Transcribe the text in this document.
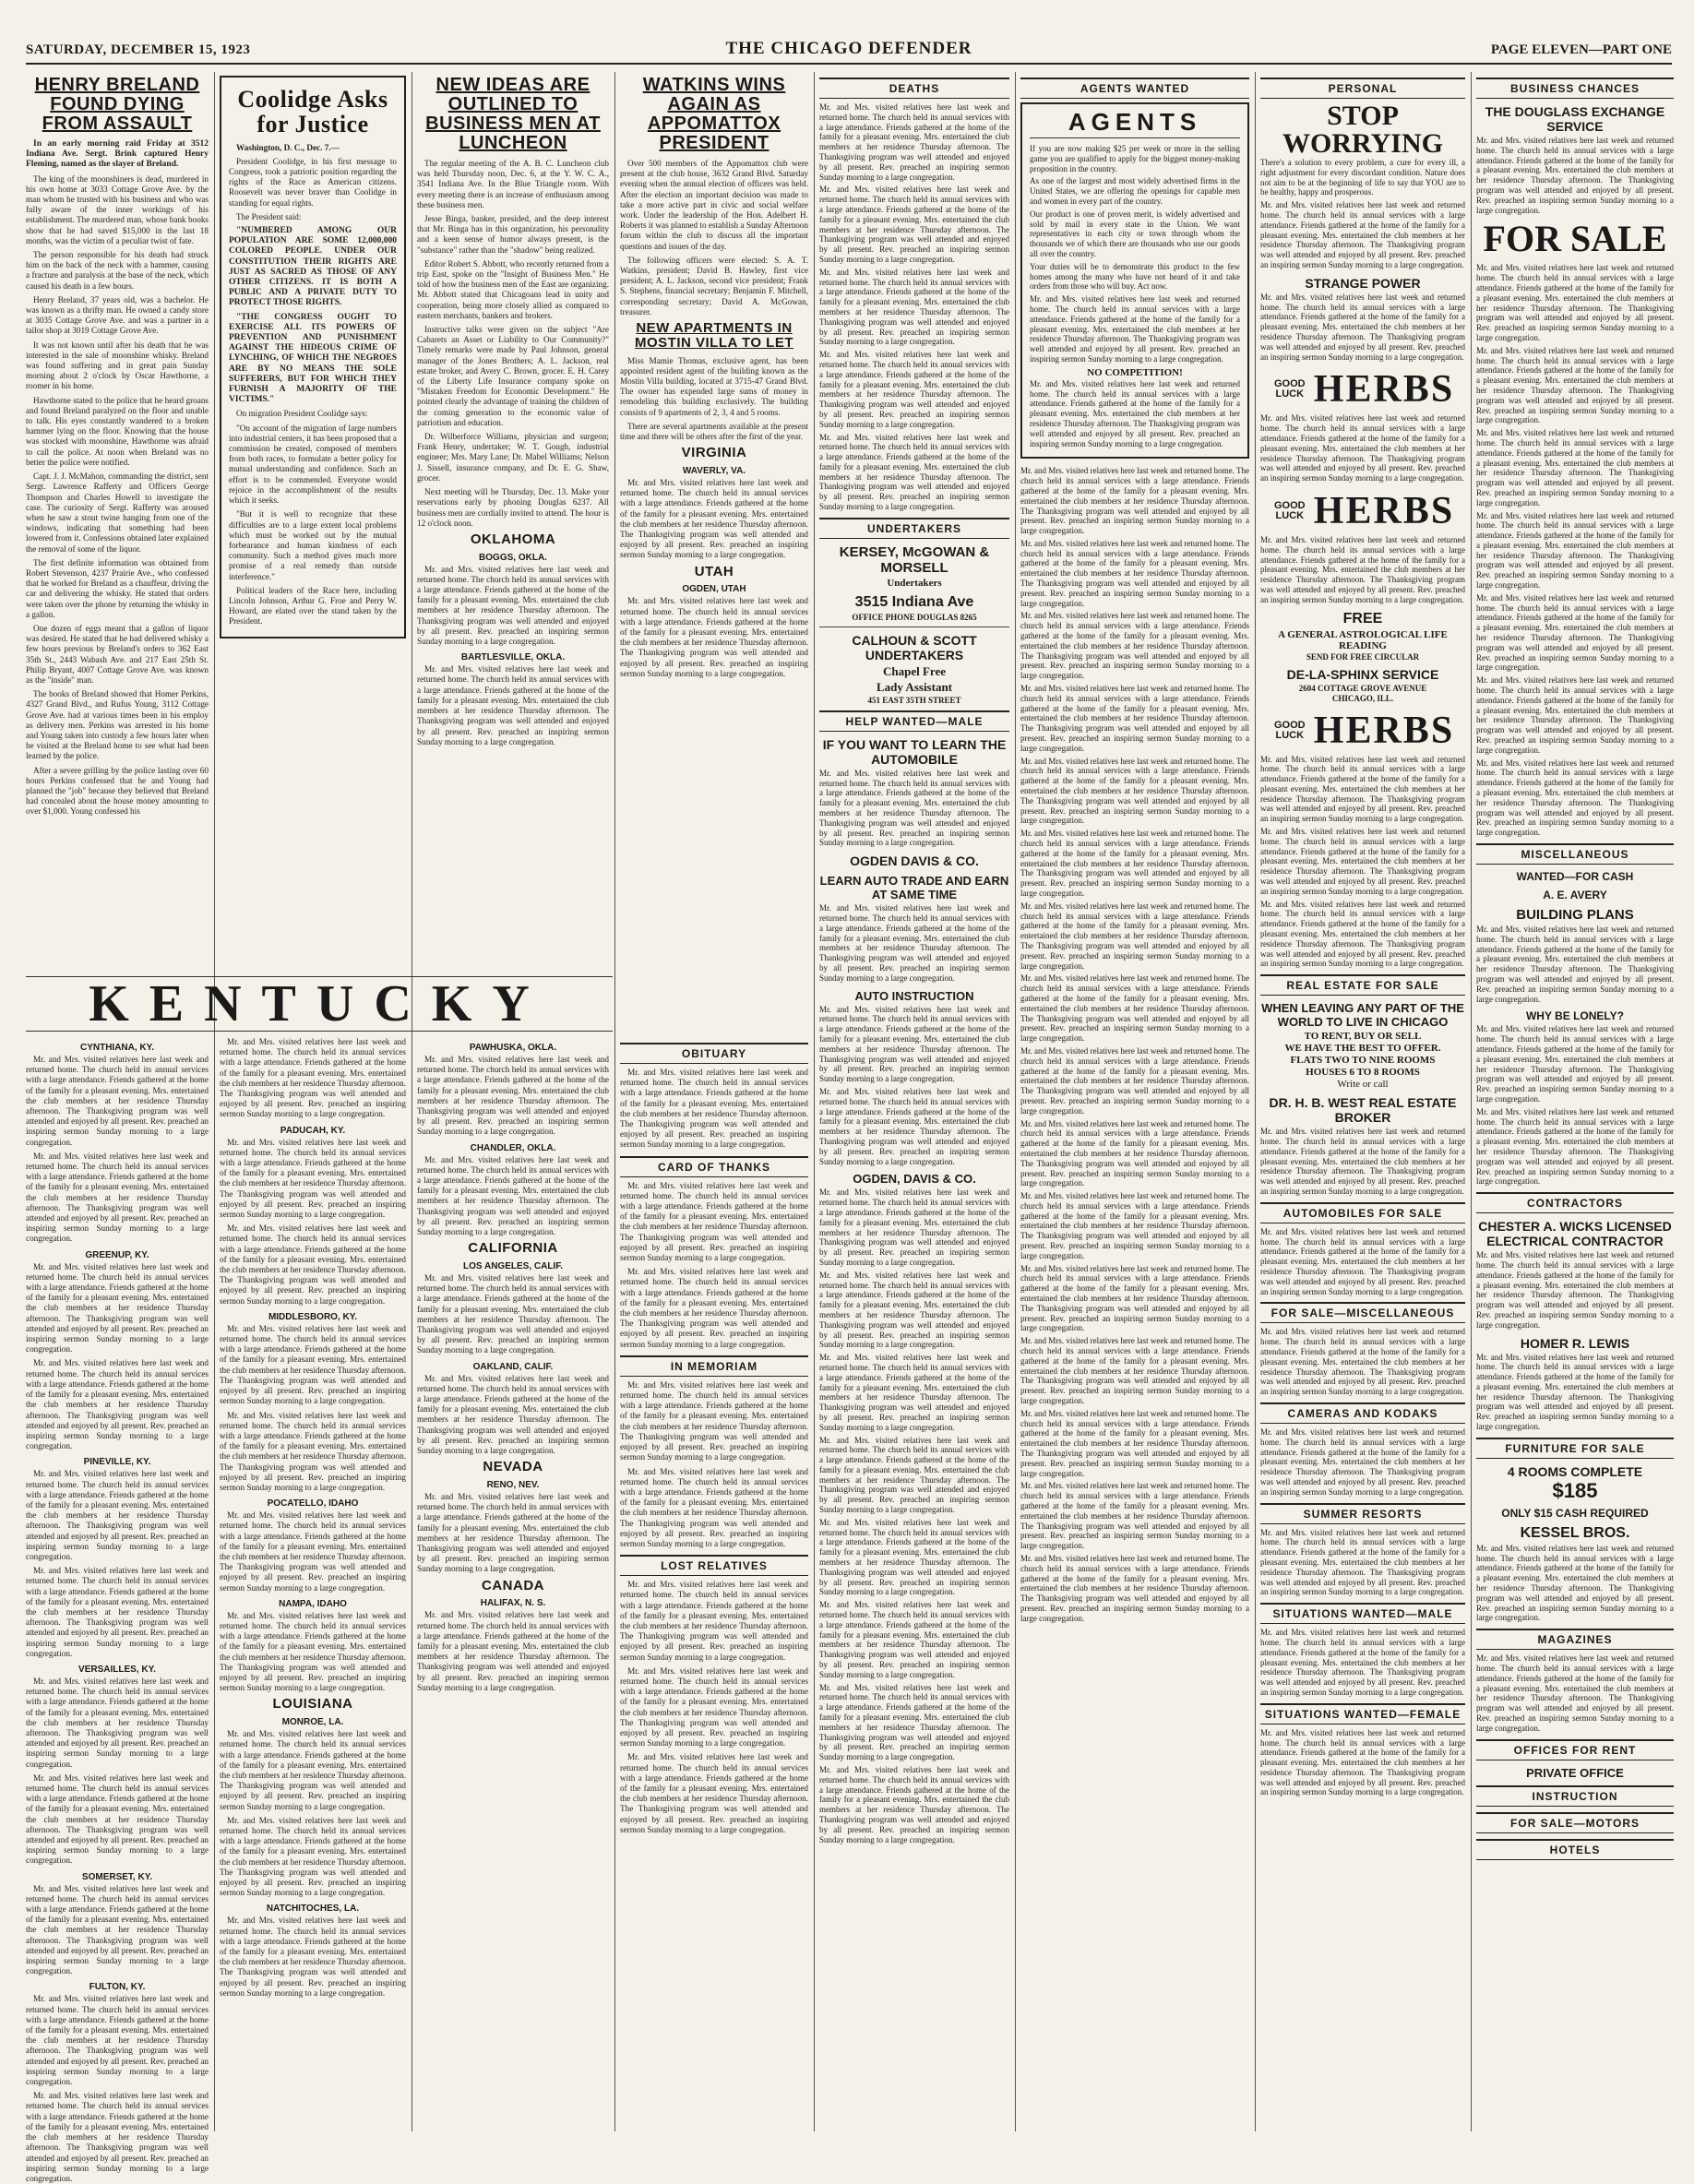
SATURDAY, DECEMBER 15, 1923	THE CHICAGO DEFENDER	PAGE ELEVEN—PART ONE
HENRY BRELAND FOUND DYING FROM ASSAULT

In an early morning raid Friday at 3512 Indiana Ave. Sergt. Brink captured Henry Fleming, named as the slayer of Breland.

The king of the moonshiners is dead, murdered in his own home at 3033 Cottage Grove Ave. by the man whom he trusted with his business and who was fully aware of the inner workings of his establishment. The murdered man, whose bank books show that he had saved $15,000 in the last 18 months, was the victim of a peculiar twist of fate.

The person responsible for his death had struck him on the back of the neck with a hammer, causing a fracture and paralysis at the base of the neck, which caused his death in a few hours.

Henry Breland, 37 years old, was a bachelor. He was known as a thrifty man. He owned a candy store at 3035 Cottage Grove Ave. and was a partner in a tailor shop at 3019 Cottage Grove Ave.

It was not known until after his death that he was interested in the sale of moonshine whisky. Breland was found suffering and in great pain Sunday morning about 2 o'clock by Oscar Hawthorne, a roomer in his home.

Hawthorne stated to the police that he heard groans and found Breland paralyzed on the floor and unable to talk. His eyes constantly wandered to a broken hammer lying on the floor. Knowing that the house was stocked with moonshine, Hawthorne was afraid to call the police. At noon when Breland was no better the police were notified.

Capt. J. J. McMahon, commanding the district, sent Sergt. Lawrence Rafferty and Officers George Thompson and Charles Howell to investigate the case. The curiosity of Sergt. Rafferty was aroused when he saw a stout twine hanging from one of the windows, indicating that something had been lowered from it. Confessions obtained later explained the removal of some of the liquor.

The first definite information was obtained from Robert Stevenson, 4237 Prairie Ave., who confessed that he worked for Breland as a chauffeur, driving the car and delivering the whisky. He stated that orders were taken over the phone by returning the whisky in a gallon.

One dozen of eggs meant that a gallon of liquor was desired. He stated that he had delivered whisky a few hours previous by Breland's orders to 362 East 35th St., 2443 Wabash Ave. and 217 East 25th St. Philip Bryant, 4007 Cottage Grove Ave. was known as the "inside" man.

The books of Breland showed that Homer Perkins, 4327 Grand Blvd., and Rufus Young, 3112 Cottage Grove Ave. had at various times been in his employ as delivery men. Perkins was arrested in his home and Young taken into custody a few hours later when he visited at the Breland home to see what had been learned by the police.

After a severe grilling by the police lasting over 60 hours Perkins confessed that he and Young had planned the "job" because they believed that Breland had concealed about the house money amounting to over $1,000. Young confessed his

Coolidge Asks for Justice

Washington, D. C., Dec. 7.—

President Coolidge, in his first message to Congress, took a patriotic position regarding the rights of the Race as American citizens. Roosevelt was never braver than Coolidge in standing for equal rights.

The President said:

"NUMBERED AMONG OUR POPULATION ARE SOME 12,000,000 COLORED PEOPLE. UNDER OUR CONSTITUTION THEIR RIGHTS ARE JUST AS SACRED AS THOSE OF ANY OTHER CITIZENS. IT IS BOTH A PUBLIC AND A PRIVATE DUTY TO PROTECT THOSE RIGHTS.

"THE CONGRESS OUGHT TO EXERCISE ALL ITS POWERS OF PREVENTION AND PUNISHMENT AGAINST THE HIDEOUS CRIME OF LYNCHING, OF WHICH THE NEGROES ARE BY NO MEANS THE SOLE SUFFERERS, BUT FOR WHICH THEY FURNISH A MAJORITY OF THE VICTIMS."

On migration President Coolidge says:

"On account of the migration of large numbers into industrial centers, it has been proposed that a commission be created, composed of members from both races, to formulate a better policy for mutual understanding and confidence. Such an effort is to be commended. Everyone would rejoice in the accomplishment of the results which it seeks.

"But it is well to recognize that these difficulties are to a large extent local problems which must be worked out by the mutual forbearance and human kindness of each community. Such a method gives much more promise of a real remedy than outside interference."

Political leaders of the Race here, including Lincoln Johnson, Arthur G. Froe and Perry W. Howard, are elated over the stand taken by the President.

NEW IDEAS ARE OUTLINED TO BUSINESS MEN AT LUNCHEON

The regular meeting of the A. B. C. Luncheon club was held Thursday noon, Dec. 6, at the Y. W. C. A., 3541 Indiana Ave. In the Blue Triangle room. With every meeting there is an increase of enthusiasm among these business men.

Jesse Binga, banker, presided, and the deep interest that Mr. Binga has in this organization, his personality and a keen sense of humor always present, is the "substance" rather than the "shadow" being realized.

Editor Robert S. Abbott, who recently returned from a trip East, spoke on the "Insight of Business Men." He told of how the business men of the East are organizing. Mr. Abbott stated that Chicagoans lead in unity and cooperation, being more closely allied as compared to eastern merchants, bankers and brokers.

Instructive talks were given on the subject "Are Cabarets an Asset or Liability to Our Community?" Timely remarks were made by Paul Johnson, general manager of the Jones Brothers; A. L. Jackson, real estate broker, and Avery C. Brown, grocer. E. H. Carey of the Liberty Life Insurance company spoke on "Mistaken Freedom for Economic Development." He pointed clearly the advantage of training the children of the coming generation to the economic value of patriotism and education.

Dr. Wilberforce Williams, physician and surgeon; Frank Henry, undertaker; W. T. Gough, industrial engineer; Mrs. Mary Lane; Dr. Mabel Williams; Nelson J. Sissell, insurance company, and Dr. E. G. Shaw, grocer.

Next meeting will be Thursday, Dec. 13. Make your reservations early by phoning Douglas 6237. All business men are cordially invited to attend. The hour is 12 o'clock noon.

OKLAHOMA
BOGGS, OKLA.

Mr. and Mrs. visited relatives here last week and returned home. The church held its annual services with a large attendance. Friends gathered at the home of the family for a pleasant evening. Mrs. entertained the club members at her residence Thursday afternoon. The Thanksgiving program was well attended and enjoyed by all present. Rev. preached an inspiring sermon Sunday morning to a large congregation.

BARTLESVILLE, OKLA.

Mr. and Mrs. visited relatives here last week and returned home. The church held its annual services with a large attendance. Friends gathered at the home of the family for a pleasant evening. Mrs. entertained the club members at her residence Thursday afternoon. The Thanksgiving program was well attended and enjoyed by all present. Rev. preached an inspiring sermon Sunday morning to a large congregation.

WATKINS WINS AGAIN AS APPOMATTOX PRESIDENT

Over 500 members of the Appomattox club were present at the club house, 3632 Grand Blvd. Saturday evening when the annual election of officers was held. After the election an important decision was made to take a more active part in civic and social welfare work. Under the leadership of the Hon. Adelbert H. Roberts it was planned to establish a Sunday Afternoon forum within the club to discuss all the important questions and issues of the day.

The following officers were elected: S. A. T. Watkins, president; David B. Hawley, first vice president; A. L. Jackson, second vice president; Frank S. Stephens, financial secretary; Benjamin F. Mitchell, corresponding secretary; David A. McGowan, treasurer.

NEW APARTMENTS IN MOSTIN VILLA TO LET

Miss Mamie Thomas, exclusive agent, has been appointed resident agent of the building known as the Mostin Villa building, located at 3715-47 Grand Blvd. The owner has expended large sums of money in remodeling this building exclusively. The building consists of 9 apartments of 2, 3, 4 and 5 rooms.

There are several apartments available at the present time and there will be others after the first of the year.

VIRGINIA
WAVERLY, VA.

Mr. and Mrs. visited relatives here last week and returned home. The church held its annual services with a large attendance. Friends gathered at the home of the family for a pleasant evening. Mrs. entertained the club members at her residence Thursday afternoon. The Thanksgiving program was well attended and enjoyed by all present. Rev. preached an inspiring sermon Sunday morning to a large congregation.

UTAH
OGDEN, UTAH

Mr. and Mrs. visited relatives here last week and returned home. The church held its annual services with a large attendance. Friends gathered at the home of the family for a pleasant evening. Mrs. entertained the club members at her residence Thursday afternoon. The Thanksgiving program was well attended and enjoyed by all present. Rev. preached an inspiring sermon Sunday morning to a large congregation.

KENTUCKY
CYNTHIANA, KY.

Mr. and Mrs. visited relatives here last week and returned home. The church held its annual services with a large attendance. Friends gathered at the home of the family for a pleasant evening. Mrs. entertained the club members at her residence Thursday afternoon. The Thanksgiving program was well attended and enjoyed by all present. Rev. preached an inspiring sermon Sunday morning to a large congregation.

Mr. and Mrs. visited relatives here last week and returned home. The church held its annual services with a large attendance. Friends gathered at the home of the family for a pleasant evening. Mrs. entertained the club members at her residence Thursday afternoon. The Thanksgiving program was well attended and enjoyed by all present. Rev. preached an inspiring sermon Sunday morning to a large congregation.

GREENUP, KY.

Mr. and Mrs. visited relatives here last week and returned home. The church held its annual services with a large attendance. Friends gathered at the home of the family for a pleasant evening. Mrs. entertained the club members at her residence Thursday afternoon. The Thanksgiving program was well attended and enjoyed by all present. Rev. preached an inspiring sermon Sunday morning to a large congregation.

Mr. and Mrs. visited relatives here last week and returned home. The church held its annual services with a large attendance. Friends gathered at the home of the family for a pleasant evening. Mrs. entertained the club members at her residence Thursday afternoon. The Thanksgiving program was well attended and enjoyed by all present. Rev. preached an inspiring sermon Sunday morning to a large congregation.

PINEVILLE, KY.

Mr. and Mrs. visited relatives here last week and returned home. The church held its annual services with a large attendance. Friends gathered at the home of the family for a pleasant evening. Mrs. entertained the club members at her residence Thursday afternoon. The Thanksgiving program was well attended and enjoyed by all present. Rev. preached an inspiring sermon Sunday morning to a large congregation.

Mr. and Mrs. visited relatives here last week and returned home. The church held its annual services with a large attendance. Friends gathered at the home of the family for a pleasant evening. Mrs. entertained the club members at her residence Thursday afternoon. The Thanksgiving program was well attended and enjoyed by all present. Rev. preached an inspiring sermon Sunday morning to a large congregation.

VERSAILLES, KY.

Mr. and Mrs. visited relatives here last week and returned home. The church held its annual services with a large attendance. Friends gathered at the home of the family for a pleasant evening. Mrs. entertained the club members at her residence Thursday afternoon. The Thanksgiving program was well attended and enjoyed by all present. Rev. preached an inspiring sermon Sunday morning to a large congregation.

Mr. and Mrs. visited relatives here last week and returned home. The church held its annual services with a large attendance. Friends gathered at the home of the family for a pleasant evening. Mrs. entertained the club members at her residence Thursday afternoon. The Thanksgiving program was well attended and enjoyed by all present. Rev. preached an inspiring sermon Sunday morning to a large congregation.

SOMERSET, KY.

Mr. and Mrs. visited relatives here last week and returned home. The church held its annual services with a large attendance. Friends gathered at the home of the family for a pleasant evening. Mrs. entertained the club members at her residence Thursday afternoon. The Thanksgiving program was well attended and enjoyed by all present. Rev. preached an inspiring sermon Sunday morning to a large congregation.

FULTON, KY.

Mr. and Mrs. visited relatives here last week and returned home. The church held its annual services with a large attendance. Friends gathered at the home of the family for a pleasant evening. Mrs. entertained the club members at her residence Thursday afternoon. The Thanksgiving program was well attended and enjoyed by all present. Rev. preached an inspiring sermon Sunday morning to a large congregation.

Mr. and Mrs. visited relatives here last week and returned home. The church held its annual services with a large attendance. Friends gathered at the home of the family for a pleasant evening. Mrs. entertained the club members at her residence Thursday afternoon. The Thanksgiving program was well attended and enjoyed by all present. Rev. preached an inspiring sermon Sunday morning to a large congregation.

Mr. and Mrs. visited relatives here last week and returned home. The church held its annual services with a large attendance. Friends gathered at the home of the family for a pleasant evening. Mrs. entertained the club members at her residence Thursday afternoon. The Thanksgiving program was well attended and enjoyed by all present. Rev. preached an inspiring sermon Sunday morning to a large congregation.

PADUCAH, KY.

Mr. and Mrs. visited relatives here last week and returned home. The church held its annual services with a large attendance. Friends gathered at the home of the family for a pleasant evening. Mrs. entertained the club members at her residence Thursday afternoon. The Thanksgiving program was well attended and enjoyed by all present. Rev. preached an inspiring sermon Sunday morning to a large congregation.

Mr. and Mrs. visited relatives here last week and returned home. The church held its annual services with a large attendance. Friends gathered at the home of the family for a pleasant evening. Mrs. entertained the club members at her residence Thursday afternoon. The Thanksgiving program was well attended and enjoyed by all present. Rev. preached an inspiring sermon Sunday morning to a large congregation.

MIDDLESBORO, KY.

Mr. and Mrs. visited relatives here last week and returned home. The church held its annual services with a large attendance. Friends gathered at the home of the family for a pleasant evening. Mrs. entertained the club members at her residence Thursday afternoon. The Thanksgiving program was well attended and enjoyed by all present. Rev. preached an inspiring sermon Sunday morning to a large congregation.

Mr. and Mrs. visited relatives here last week and returned home. The church held its annual services with a large attendance. Friends gathered at the home of the family for a pleasant evening. Mrs. entertained the club members at her residence Thursday afternoon. The Thanksgiving program was well attended and enjoyed by all present. Rev. preached an inspiring sermon Sunday morning to a large congregation.

POCATELLO, IDAHO

Mr. and Mrs. visited relatives here last week and returned home. The church held its annual services with a large attendance. Friends gathered at the home of the family for a pleasant evening. Mrs. entertained the club members at her residence Thursday afternoon. The Thanksgiving program was well attended and enjoyed by all present. Rev. preached an inspiring sermon Sunday morning to a large congregation.

NAMPA, IDAHO

Mr. and Mrs. visited relatives here last week and returned home. The church held its annual services with a large attendance. Friends gathered at the home of the family for a pleasant evening. Mrs. entertained the club members at her residence Thursday afternoon. The Thanksgiving program was well attended and enjoyed by all present. Rev. preached an inspiring sermon Sunday morning to a large congregation.

LOUISIANA
MONROE, LA.

Mr. and Mrs. visited relatives here last week and returned home. The church held its annual services with a large attendance. Friends gathered at the home of the family for a pleasant evening. Mrs. entertained the club members at her residence Thursday afternoon. The Thanksgiving program was well attended and enjoyed by all present. Rev. preached an inspiring sermon Sunday morning to a large congregation.

Mr. and Mrs. visited relatives here last week and returned home. The church held its annual services with a large attendance. Friends gathered at the home of the family for a pleasant evening. Mrs. entertained the club members at her residence Thursday afternoon. The Thanksgiving program was well attended and enjoyed by all present. Rev. preached an inspiring sermon Sunday morning to a large congregation.

NATCHITOCHES, LA.

Mr. and Mrs. visited relatives here last week and returned home. The church held its annual services with a large attendance. Friends gathered at the home of the family for a pleasant evening. Mrs. entertained the club members at her residence Thursday afternoon. The Thanksgiving program was well attended and enjoyed by all present. Rev. preached an inspiring sermon Sunday morning to a large congregation.

PAWHUSKA, OKLA.

Mr. and Mrs. visited relatives here last week and returned home. The church held its annual services with a large attendance. Friends gathered at the home of the family for a pleasant evening. Mrs. entertained the club members at her residence Thursday afternoon. The Thanksgiving program was well attended and enjoyed by all present. Rev. preached an inspiring sermon Sunday morning to a large congregation.

CHANDLER, OKLA.

Mr. and Mrs. visited relatives here last week and returned home. The church held its annual services with a large attendance. Friends gathered at the home of the family for a pleasant evening. Mrs. entertained the club members at her residence Thursday afternoon. The Thanksgiving program was well attended and enjoyed by all present. Rev. preached an inspiring sermon Sunday morning to a large congregation.

CALIFORNIA
LOS ANGELES, CALIF.

Mr. and Mrs. visited relatives here last week and returned home. The church held its annual services with a large attendance. Friends gathered at the home of the family for a pleasant evening. Mrs. entertained the club members at her residence Thursday afternoon. The Thanksgiving program was well attended and enjoyed by all present. Rev. preached an inspiring sermon Sunday morning to a large congregation.

OAKLAND, CALIF.

Mr. and Mrs. visited relatives here last week and returned home. The church held its annual services with a large attendance. Friends gathered at the home of the family for a pleasant evening. Mrs. entertained the club members at her residence Thursday afternoon. The Thanksgiving program was well attended and enjoyed by all present. Rev. preached an inspiring sermon Sunday morning to a large congregation.

NEVADA
RENO, NEV.

Mr. and Mrs. visited relatives here last week and returned home. The church held its annual services with a large attendance. Friends gathered at the home of the family for a pleasant evening. Mrs. entertained the club members at her residence Thursday afternoon. The Thanksgiving program was well attended and enjoyed by all present. Rev. preached an inspiring sermon Sunday morning to a large congregation.

CANADA
HALIFAX, N. S.

Mr. and Mrs. visited relatives here last week and returned home. The church held its annual services with a large attendance. Friends gathered at the home of the family for a pleasant evening. Mrs. entertained the club members at her residence Thursday afternoon. The Thanksgiving program was well attended and enjoyed by all present. Rev. preached an inspiring sermon Sunday morning to a large congregation.

OBITUARY

Mr. and Mrs. visited relatives here last week and returned home. The church held its annual services with a large attendance. Friends gathered at the home of the family for a pleasant evening. Mrs. entertained the club members at her residence Thursday afternoon. The Thanksgiving program was well attended and enjoyed by all present. Rev. preached an inspiring sermon Sunday morning to a large congregation.

CARD OF THANKS

Mr. and Mrs. visited relatives here last week and returned home. The church held its annual services with a large attendance. Friends gathered at the home of the family for a pleasant evening. Mrs. entertained the club members at her residence Thursday afternoon. The Thanksgiving program was well attended and enjoyed by all present. Rev. preached an inspiring sermon Sunday morning to a large congregation.

Mr. and Mrs. visited relatives here last week and returned home. The church held its annual services with a large attendance. Friends gathered at the home of the family for a pleasant evening. Mrs. entertained the club members at her residence Thursday afternoon. The Thanksgiving program was well attended and enjoyed by all present. Rev. preached an inspiring sermon Sunday morning to a large congregation.

IN MEMORIAM

Mr. and Mrs. visited relatives here last week and returned home. The church held its annual services with a large attendance. Friends gathered at the home of the family for a pleasant evening. Mrs. entertained the club members at her residence Thursday afternoon. The Thanksgiving program was well attended and enjoyed by all present. Rev. preached an inspiring sermon Sunday morning to a large congregation.

Mr. and Mrs. visited relatives here last week and returned home. The church held its annual services with a large attendance. Friends gathered at the home of the family for a pleasant evening. Mrs. entertained the club members at her residence Thursday afternoon. The Thanksgiving program was well attended and enjoyed by all present. Rev. preached an inspiring sermon Sunday morning to a large congregation.

LOST RELATIVES

Mr. and Mrs. visited relatives here last week and returned home. The church held its annual services with a large attendance. Friends gathered at the home of the family for a pleasant evening. Mrs. entertained the club members at her residence Thursday afternoon. The Thanksgiving program was well attended and enjoyed by all present. Rev. preached an inspiring sermon Sunday morning to a large congregation.

Mr. and Mrs. visited relatives here last week and returned home. The church held its annual services with a large attendance. Friends gathered at the home of the family for a pleasant evening. Mrs. entertained the club members at her residence Thursday afternoon. The Thanksgiving program was well attended and enjoyed by all present. Rev. preached an inspiring sermon Sunday morning to a large congregation.

Mr. and Mrs. visited relatives here last week and returned home. The church held its annual services with a large attendance. Friends gathered at the home of the family for a pleasant evening. Mrs. entertained the club members at her residence Thursday afternoon. The Thanksgiving program was well attended and enjoyed by all present. Rev. preached an inspiring sermon Sunday morning to a large congregation.

DEATHS

Mr. and Mrs. visited relatives here last week and returned home. The church held its annual services with a large attendance. Friends gathered at the home of the family for a pleasant evening. Mrs. entertained the club members at her residence Thursday afternoon. The Thanksgiving program was well attended and enjoyed by all present. Rev. preached an inspiring sermon Sunday morning to a large congregation.

Mr. and Mrs. visited relatives here last week and returned home. The church held its annual services with a large attendance. Friends gathered at the home of the family for a pleasant evening. Mrs. entertained the club members at her residence Thursday afternoon. The Thanksgiving program was well attended and enjoyed by all present. Rev. preached an inspiring sermon Sunday morning to a large congregation.

Mr. and Mrs. visited relatives here last week and returned home. The church held its annual services with a large attendance. Friends gathered at the home of the family for a pleasant evening. Mrs. entertained the club members at her residence Thursday afternoon. The Thanksgiving program was well attended and enjoyed by all present. Rev. preached an inspiring sermon Sunday morning to a large congregation.

Mr. and Mrs. visited relatives here last week and returned home. The church held its annual services with a large attendance. Friends gathered at the home of the family for a pleasant evening. Mrs. entertained the club members at her residence Thursday afternoon. The Thanksgiving program was well attended and enjoyed by all present. Rev. preached an inspiring sermon Sunday morning to a large congregation.

Mr. and Mrs. visited relatives here last week and returned home. The church held its annual services with a large attendance. Friends gathered at the home of the family for a pleasant evening. Mrs. entertained the club members at her residence Thursday afternoon. The Thanksgiving program was well attended and enjoyed by all present. Rev. preached an inspiring sermon Sunday morning to a large congregation.

UNDERTAKERS
KERSEY, McGOWAN & MORSELL
Undertakers
3515 Indiana Ave
OFFICE PHONE DOUGLAS 8265
CALHOUN & SCOTT UNDERTAKERS
Chapel Free
Lady Assistant
451 EAST 35TH STREET
HELP WANTED—MALE
IF YOU WANT TO LEARN THE AUTOMOBILE

Mr. and Mrs. visited relatives here last week and returned home. The church held its annual services with a large attendance. Friends gathered at the home of the family for a pleasant evening. Mrs. entertained the club members at her residence Thursday afternoon. The Thanksgiving program was well attended and enjoyed by all present. Rev. preached an inspiring sermon Sunday morning to a large congregation.

OGDEN DAVIS & CO.
LEARN AUTO TRADE AND EARN AT SAME TIME

Mr. and Mrs. visited relatives here last week and returned home. The church held its annual services with a large attendance. Friends gathered at the home of the family for a pleasant evening. Mrs. entertained the club members at her residence Thursday afternoon. The Thanksgiving program was well attended and enjoyed by all present. Rev. preached an inspiring sermon Sunday morning to a large congregation.

AUTO INSTRUCTION

Mr. and Mrs. visited relatives here last week and returned home. The church held its annual services with a large attendance. Friends gathered at the home of the family for a pleasant evening. Mrs. entertained the club members at her residence Thursday afternoon. The Thanksgiving program was well attended and enjoyed by all present. Rev. preached an inspiring sermon Sunday morning to a large congregation.

Mr. and Mrs. visited relatives here last week and returned home. The church held its annual services with a large attendance. Friends gathered at the home of the family for a pleasant evening. Mrs. entertained the club members at her residence Thursday afternoon. The Thanksgiving program was well attended and enjoyed by all present. Rev. preached an inspiring sermon Sunday morning to a large congregation.

OGDEN, DAVIS & CO.

Mr. and Mrs. visited relatives here last week and returned home. The church held its annual services with a large attendance. Friends gathered at the home of the family for a pleasant evening. Mrs. entertained the club members at her residence Thursday afternoon. The Thanksgiving program was well attended and enjoyed by all present. Rev. preached an inspiring sermon Sunday morning to a large congregation.

Mr. and Mrs. visited relatives here last week and returned home. The church held its annual services with a large attendance. Friends gathered at the home of the family for a pleasant evening. Mrs. entertained the club members at her residence Thursday afternoon. The Thanksgiving program was well attended and enjoyed by all present. Rev. preached an inspiring sermon Sunday morning to a large congregation.

Mr. and Mrs. visited relatives here last week and returned home. The church held its annual services with a large attendance. Friends gathered at the home of the family for a pleasant evening. Mrs. entertained the club members at her residence Thursday afternoon. The Thanksgiving program was well attended and enjoyed by all present. Rev. preached an inspiring sermon Sunday morning to a large congregation.

Mr. and Mrs. visited relatives here last week and returned home. The church held its annual services with a large attendance. Friends gathered at the home of the family for a pleasant evening. Mrs. entertained the club members at her residence Thursday afternoon. The Thanksgiving program was well attended and enjoyed by all present. Rev. preached an inspiring sermon Sunday morning to a large congregation.

Mr. and Mrs. visited relatives here last week and returned home. The church held its annual services with a large attendance. Friends gathered at the home of the family for a pleasant evening. Mrs. entertained the club members at her residence Thursday afternoon. The Thanksgiving program was well attended and enjoyed by all present. Rev. preached an inspiring sermon Sunday morning to a large congregation.

Mr. and Mrs. visited relatives here last week and returned home. The church held its annual services with a large attendance. Friends gathered at the home of the family for a pleasant evening. Mrs. entertained the club members at her residence Thursday afternoon. The Thanksgiving program was well attended and enjoyed by all present. Rev. preached an inspiring sermon Sunday morning to a large congregation.

Mr. and Mrs. visited relatives here last week and returned home. The church held its annual services with a large attendance. Friends gathered at the home of the family for a pleasant evening. Mrs. entertained the club members at her residence Thursday afternoon. The Thanksgiving program was well attended and enjoyed by all present. Rev. preached an inspiring sermon Sunday morning to a large congregation.

Mr. and Mrs. visited relatives here last week and returned home. The church held its annual services with a large attendance. Friends gathered at the home of the family for a pleasant evening. Mrs. entertained the club members at her residence Thursday afternoon. The Thanksgiving program was well attended and enjoyed by all present. Rev. preached an inspiring sermon Sunday morning to a large congregation.

AGENTS WANTED
AGENTS

If you are now making $25 per week or more in the selling game you are qualified to apply for the biggest money-making proposition in the country.

As one of the largest and most widely advertised firms in the United States, we are offering the openings for capable men and women in every part of the country.

Our product is one of proven merit, is widely advertised and sold by mail in every state in the Union. We want representatives in each city or town through whom the thousands we of which there are thousands who use our goods all over the country.

Your duties will be to demonstrate this product to the few homes among the many who have not heard of it and take orders from those who will buy. Act now.

Mr. and Mrs. visited relatives here last week and returned home. The church held its annual services with a large attendance. Friends gathered at the home of the family for a pleasant evening. Mrs. entertained the club members at her residence Thursday afternoon. The Thanksgiving program was well attended and enjoyed by all present. Rev. preached an inspiring sermon Sunday morning to a large congregation.

NO COMPETITION!

Mr. and Mrs. visited relatives here last week and returned home. The church held its annual services with a large attendance. Friends gathered at the home of the family for a pleasant evening. Mrs. entertained the club members at her residence Thursday afternoon. The Thanksgiving program was well attended and enjoyed by all present. Rev. preached an inspiring sermon Sunday morning to a large congregation.

Mr. and Mrs. visited relatives here last week and returned home. The church held its annual services with a large attendance. Friends gathered at the home of the family for a pleasant evening. Mrs. entertained the club members at her residence Thursday afternoon. The Thanksgiving program was well attended and enjoyed by all present. Rev. preached an inspiring sermon Sunday morning to a large congregation.

Mr. and Mrs. visited relatives here last week and returned home. The church held its annual services with a large attendance. Friends gathered at the home of the family for a pleasant evening. Mrs. entertained the club members at her residence Thursday afternoon. The Thanksgiving program was well attended and enjoyed by all present. Rev. preached an inspiring sermon Sunday morning to a large congregation.

Mr. and Mrs. visited relatives here last week and returned home. The church held its annual services with a large attendance. Friends gathered at the home of the family for a pleasant evening. Mrs. entertained the club members at her residence Thursday afternoon. The Thanksgiving program was well attended and enjoyed by all present. Rev. preached an inspiring sermon Sunday morning to a large congregation.

Mr. and Mrs. visited relatives here last week and returned home. The church held its annual services with a large attendance. Friends gathered at the home of the family for a pleasant evening. Mrs. entertained the club members at her residence Thursday afternoon. The Thanksgiving program was well attended and enjoyed by all present. Rev. preached an inspiring sermon Sunday morning to a large congregation.

Mr. and Mrs. visited relatives here last week and returned home. The church held its annual services with a large attendance. Friends gathered at the home of the family for a pleasant evening. Mrs. entertained the club members at her residence Thursday afternoon. The Thanksgiving program was well attended and enjoyed by all present. Rev. preached an inspiring sermon Sunday morning to a large congregation.

Mr. and Mrs. visited relatives here last week and returned home. The church held its annual services with a large attendance. Friends gathered at the home of the family for a pleasant evening. Mrs. entertained the club members at her residence Thursday afternoon. The Thanksgiving program was well attended and enjoyed by all present. Rev. preached an inspiring sermon Sunday morning to a large congregation.

Mr. and Mrs. visited relatives here last week and returned home. The church held its annual services with a large attendance. Friends gathered at the home of the family for a pleasant evening. Mrs. entertained the club members at her residence Thursday afternoon. The Thanksgiving program was well attended and enjoyed by all present. Rev. preached an inspiring sermon Sunday morning to a large congregation.

Mr. and Mrs. visited relatives here last week and returned home. The church held its annual services with a large attendance. Friends gathered at the home of the family for a pleasant evening. Mrs. entertained the club members at her residence Thursday afternoon. The Thanksgiving program was well attended and enjoyed by all present. Rev. preached an inspiring sermon Sunday morning to a large congregation.

Mr. and Mrs. visited relatives here last week and returned home. The church held its annual services with a large attendance. Friends gathered at the home of the family for a pleasant evening. Mrs. entertained the club members at her residence Thursday afternoon. The Thanksgiving program was well attended and enjoyed by all present. Rev. preached an inspiring sermon Sunday morning to a large congregation.

Mr. and Mrs. visited relatives here last week and returned home. The church held its annual services with a large attendance. Friends gathered at the home of the family for a pleasant evening. Mrs. entertained the club members at her residence Thursday afternoon. The Thanksgiving program was well attended and enjoyed by all present. Rev. preached an inspiring sermon Sunday morning to a large congregation.

Mr. and Mrs. visited relatives here last week and returned home. The church held its annual services with a large attendance. Friends gathered at the home of the family for a pleasant evening. Mrs. entertained the club members at her residence Thursday afternoon. The Thanksgiving program was well attended and enjoyed by all present. Rev. preached an inspiring sermon Sunday morning to a large congregation.

Mr. and Mrs. visited relatives here last week and returned home. The church held its annual services with a large attendance. Friends gathered at the home of the family for a pleasant evening. Mrs. entertained the club members at her residence Thursday afternoon. The Thanksgiving program was well attended and enjoyed by all present. Rev. preached an inspiring sermon Sunday morning to a large congregation.

Mr. and Mrs. visited relatives here last week and returned home. The church held its annual services with a large attendance. Friends gathered at the home of the family for a pleasant evening. Mrs. entertained the club members at her residence Thursday afternoon. The Thanksgiving program was well attended and enjoyed by all present. Rev. preached an inspiring sermon Sunday morning to a large congregation.

Mr. and Mrs. visited relatives here last week and returned home. The church held its annual services with a large attendance. Friends gathered at the home of the family for a pleasant evening. Mrs. entertained the club members at her residence Thursday afternoon. The Thanksgiving program was well attended and enjoyed by all present. Rev. preached an inspiring sermon Sunday morning to a large congregation.

Mr. and Mrs. visited relatives here last week and returned home. The church held its annual services with a large attendance. Friends gathered at the home of the family for a pleasant evening. Mrs. entertained the club members at her residence Thursday afternoon. The Thanksgiving program was well attended and enjoyed by all present. Rev. preached an inspiring sermon Sunday morning to a large congregation.

Mr. and Mrs. visited relatives here last week and returned home. The church held its annual services with a large attendance. Friends gathered at the home of the family for a pleasant evening. Mrs. entertained the club members at her residence Thursday afternoon. The Thanksgiving program was well attended and enjoyed by all present. Rev. preached an inspiring sermon Sunday morning to a large congregation.

PERSONAL
STOP WORRYING

There's a solution to every problem, a cure for every ill, a right adjustment for every discordant condition. Nature does not aim to be at the beginning of life to say that YOU are to be healthy, happy and prosperous.

Mr. and Mrs. visited relatives here last week and returned home. The church held its annual services with a large attendance. Friends gathered at the home of the family for a pleasant evening. Mrs. entertained the club members at her residence Thursday afternoon. The Thanksgiving program was well attended and enjoyed by all present. Rev. preached an inspiring sermon Sunday morning to a large congregation.

STRANGE POWER

Mr. and Mrs. visited relatives here last week and returned home. The church held its annual services with a large attendance. Friends gathered at the home of the family for a pleasant evening. Mrs. entertained the club members at her residence Thursday afternoon. The Thanksgiving program was well attended and enjoyed by all present. Rev. preached an inspiring sermon Sunday morning to a large congregation.

GOOD
LUCK HERBS

Mr. and Mrs. visited relatives here last week and returned home. The church held its annual services with a large attendance. Friends gathered at the home of the family for a pleasant evening. Mrs. entertained the club members at her residence Thursday afternoon. The Thanksgiving program was well attended and enjoyed by all present. Rev. preached an inspiring sermon Sunday morning to a large congregation.

GOOD
LUCK HERBS

Mr. and Mrs. visited relatives here last week and returned home. The church held its annual services with a large attendance. Friends gathered at the home of the family for a pleasant evening. Mrs. entertained the club members at her residence Thursday afternoon. The Thanksgiving program was well attended and enjoyed by all present. Rev. preached an inspiring sermon Sunday morning to a large congregation.

FREE
A GENERAL ASTROLOGICAL LIFE READING
SEND FOR FREE CIRCULAR
DE-LA-SPHINX SERVICE
2604 COTTAGE GROVE AVENUE
CHICAGO, ILL.
GOOD
LUCK HERBS

Mr. and Mrs. visited relatives here last week and returned home. The church held its annual services with a large attendance. Friends gathered at the home of the family for a pleasant evening. Mrs. entertained the club members at her residence Thursday afternoon. The Thanksgiving program was well attended and enjoyed by all present. Rev. preached an inspiring sermon Sunday morning to a large congregation.

Mr. and Mrs. visited relatives here last week and returned home. The church held its annual services with a large attendance. Friends gathered at the home of the family for a pleasant evening. Mrs. entertained the club members at her residence Thursday afternoon. The Thanksgiving program was well attended and enjoyed by all present. Rev. preached an inspiring sermon Sunday morning to a large congregation.

Mr. and Mrs. visited relatives here last week and returned home. The church held its annual services with a large attendance. Friends gathered at the home of the family for a pleasant evening. Mrs. entertained the club members at her residence Thursday afternoon. The Thanksgiving program was well attended and enjoyed by all present. Rev. preached an inspiring sermon Sunday morning to a large congregation.

REAL ESTATE FOR SALE
WHEN LEAVING ANY PART OF THE WORLD TO LIVE IN CHICAGO
TO RENT, BUY OR SELL
WE HAVE THE BEST TO OFFER.
FLATS TWO TO NINE ROOMS
HOUSES 6 TO 8 ROOMS
Write or call
DR. H. B. WEST REAL ESTATE BROKER

Mr. and Mrs. visited relatives here last week and returned home. The church held its annual services with a large attendance. Friends gathered at the home of the family for a pleasant evening. Mrs. entertained the club members at her residence Thursday afternoon. The Thanksgiving program was well attended and enjoyed by all present. Rev. preached an inspiring sermon Sunday morning to a large congregation.

AUTOMOBILES FOR SALE

Mr. and Mrs. visited relatives here last week and returned home. The church held its annual services with a large attendance. Friends gathered at the home of the family for a pleasant evening. Mrs. entertained the club members at her residence Thursday afternoon. The Thanksgiving program was well attended and enjoyed by all present. Rev. preached an inspiring sermon Sunday morning to a large congregation.

FOR SALE—MISCELLANEOUS

Mr. and Mrs. visited relatives here last week and returned home. The church held its annual services with a large attendance. Friends gathered at the home of the family for a pleasant evening. Mrs. entertained the club members at her residence Thursday afternoon. The Thanksgiving program was well attended and enjoyed by all present. Rev. preached an inspiring sermon Sunday morning to a large congregation.

CAMERAS AND KODAKS

Mr. and Mrs. visited relatives here last week and returned home. The church held its annual services with a large attendance. Friends gathered at the home of the family for a pleasant evening. Mrs. entertained the club members at her residence Thursday afternoon. The Thanksgiving program was well attended and enjoyed by all present. Rev. preached an inspiring sermon Sunday morning to a large congregation.

SUMMER RESORTS

Mr. and Mrs. visited relatives here last week and returned home. The church held its annual services with a large attendance. Friends gathered at the home of the family for a pleasant evening. Mrs. entertained the club members at her residence Thursday afternoon. The Thanksgiving program was well attended and enjoyed by all present. Rev. preached an inspiring sermon Sunday morning to a large congregation.

SITUATIONS WANTED—MALE

Mr. and Mrs. visited relatives here last week and returned home. The church held its annual services with a large attendance. Friends gathered at the home of the family for a pleasant evening. Mrs. entertained the club members at her residence Thursday afternoon. The Thanksgiving program was well attended and enjoyed by all present. Rev. preached an inspiring sermon Sunday morning to a large congregation.

SITUATIONS WANTED—FEMALE

Mr. and Mrs. visited relatives here last week and returned home. The church held its annual services with a large attendance. Friends gathered at the home of the family for a pleasant evening. Mrs. entertained the club members at her residence Thursday afternoon. The Thanksgiving program was well attended and enjoyed by all present. Rev. preached an inspiring sermon Sunday morning to a large congregation.

BUSINESS CHANCES
THE DOUGLASS EXCHANGE SERVICE

Mr. and Mrs. visited relatives here last week and returned home. The church held its annual services with a large attendance. Friends gathered at the home of the family for a pleasant evening. Mrs. entertained the club members at her residence Thursday afternoon. The Thanksgiving program was well attended and enjoyed by all present. Rev. preached an inspiring sermon Sunday morning to a large congregation.

FOR SALE

Mr. and Mrs. visited relatives here last week and returned home. The church held its annual services with a large attendance. Friends gathered at the home of the family for a pleasant evening. Mrs. entertained the club members at her residence Thursday afternoon. The Thanksgiving program was well attended and enjoyed by all present. Rev. preached an inspiring sermon Sunday morning to a large congregation.

Mr. and Mrs. visited relatives here last week and returned home. The church held its annual services with a large attendance. Friends gathered at the home of the family for a pleasant evening. Mrs. entertained the club members at her residence Thursday afternoon. The Thanksgiving program was well attended and enjoyed by all present. Rev. preached an inspiring sermon Sunday morning to a large congregation.

Mr. and Mrs. visited relatives here last week and returned home. The church held its annual services with a large attendance. Friends gathered at the home of the family for a pleasant evening. Mrs. entertained the club members at her residence Thursday afternoon. The Thanksgiving program was well attended and enjoyed by all present. Rev. preached an inspiring sermon Sunday morning to a large congregation.

Mr. and Mrs. visited relatives here last week and returned home. The church held its annual services with a large attendance. Friends gathered at the home of the family for a pleasant evening. Mrs. entertained the club members at her residence Thursday afternoon. The Thanksgiving program was well attended and enjoyed by all present. Rev. preached an inspiring sermon Sunday morning to a large congregation.

Mr. and Mrs. visited relatives here last week and returned home. The church held its annual services with a large attendance. Friends gathered at the home of the family for a pleasant evening. Mrs. entertained the club members at her residence Thursday afternoon. The Thanksgiving program was well attended and enjoyed by all present. Rev. preached an inspiring sermon Sunday morning to a large congregation.

Mr. and Mrs. visited relatives here last week and returned home. The church held its annual services with a large attendance. Friends gathered at the home of the family for a pleasant evening. Mrs. entertained the club members at her residence Thursday afternoon. The Thanksgiving program was well attended and enjoyed by all present. Rev. preached an inspiring sermon Sunday morning to a large congregation.

Mr. and Mrs. visited relatives here last week and returned home. The church held its annual services with a large attendance. Friends gathered at the home of the family for a pleasant evening. Mrs. entertained the club members at her residence Thursday afternoon. The Thanksgiving program was well attended and enjoyed by all present. Rev. preached an inspiring sermon Sunday morning to a large congregation.

MISCELLANEOUS
WANTED—FOR CASH
A. E. AVERY
BUILDING PLANS

Mr. and Mrs. visited relatives here last week and returned home. The church held its annual services with a large attendance. Friends gathered at the home of the family for a pleasant evening. Mrs. entertained the club members at her residence Thursday afternoon. The Thanksgiving program was well attended and enjoyed by all present. Rev. preached an inspiring sermon Sunday morning to a large congregation.

WHY BE LONELY?

Mr. and Mrs. visited relatives here last week and returned home. The church held its annual services with a large attendance. Friends gathered at the home of the family for a pleasant evening. Mrs. entertained the club members at her residence Thursday afternoon. The Thanksgiving program was well attended and enjoyed by all present. Rev. preached an inspiring sermon Sunday morning to a large congregation.

Mr. and Mrs. visited relatives here last week and returned home. The church held its annual services with a large attendance. Friends gathered at the home of the family for a pleasant evening. Mrs. entertained the club members at her residence Thursday afternoon. The Thanksgiving program was well attended and enjoyed by all present. Rev. preached an inspiring sermon Sunday morning to a large congregation.

CONTRACTORS
CHESTER A. WICKS LICENSED ELECTRICAL CONTRACTOR

Mr. and Mrs. visited relatives here last week and returned home. The church held its annual services with a large attendance. Friends gathered at the home of the family for a pleasant evening. Mrs. entertained the club members at her residence Thursday afternoon. The Thanksgiving program was well attended and enjoyed by all present. Rev. preached an inspiring sermon Sunday morning to a large congregation.

HOMER R. LEWIS

Mr. and Mrs. visited relatives here last week and returned home. The church held its annual services with a large attendance. Friends gathered at the home of the family for a pleasant evening. Mrs. entertained the club members at her residence Thursday afternoon. The Thanksgiving program was well attended and enjoyed by all present. Rev. preached an inspiring sermon Sunday morning to a large congregation.

FURNITURE FOR SALE
4 ROOMS COMPLETE
$185
ONLY $15 CASH REQUIRED
KESSEL BROS.

Mr. and Mrs. visited relatives here last week and returned home. The church held its annual services with a large attendance. Friends gathered at the home of the family for a pleasant evening. Mrs. entertained the club members at her residence Thursday afternoon. The Thanksgiving program was well attended and enjoyed by all present. Rev. preached an inspiring sermon Sunday morning to a large congregation.

MAGAZINES

Mr. and Mrs. visited relatives here last week and returned home. The church held its annual services with a large attendance. Friends gathered at the home of the family for a pleasant evening. Mrs. entertained the club members at her residence Thursday afternoon. The Thanksgiving program was well attended and enjoyed by all present. Rev. preached an inspiring sermon Sunday morning to a large congregation.

OFFICES FOR RENT
PRIVATE OFFICE
INSTRUCTION
FOR SALE—MOTORS
HOTELS
